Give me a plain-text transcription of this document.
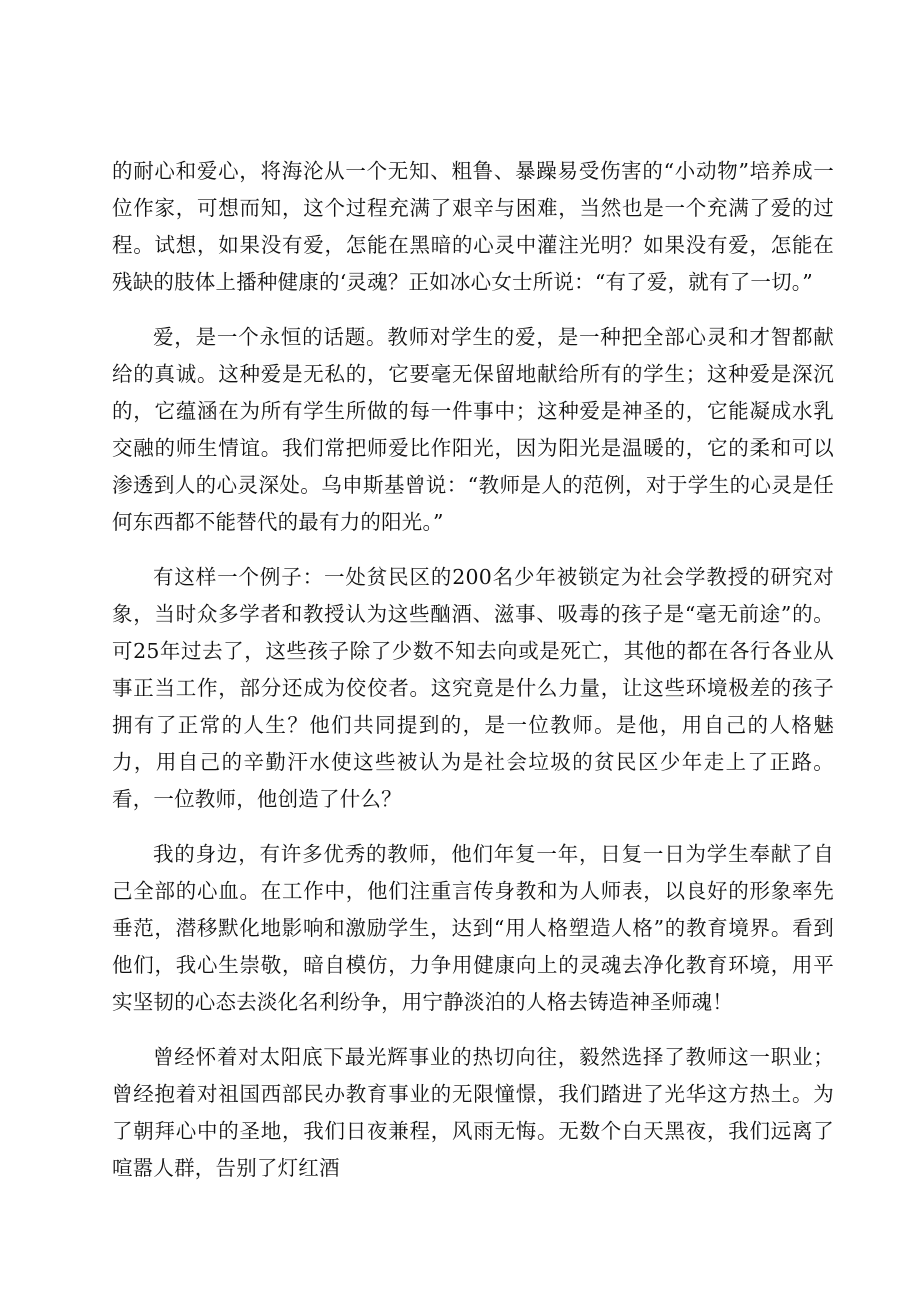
的耐心和爱心，将海沦从一个无知、粗鲁、暴躁易受伤害的“小动物”培养成一位作家，可想而知，这个过程充满了艰辛与困难，当然也是一个充满了爱的过程。试想，如果没有爱，怎能在黑暗的心灵中灌注光明？如果没有爱，怎能在残缺的肢体上播种健康的‘灵魂？正如冰心女士所说：“有了爱，就有了一切。”

爱，是一个永恒的话题。教师对学生的爱，是一种把全部心灵和才智都献给的真诚。这种爱是无私的，它要毫无保留地献给所有的学生；这种爱是深沉的，它蕴涵在为所有学生所做的每一件事中；这种爱是神圣的，它能凝成水乳交融的师生情谊。我们常把师爱比作阳光，因为阳光是温暖的，它的柔和可以渗透到人的心灵深处。乌申斯基曾说：“教师是人的范例，对于学生的心灵是任何东西都不能替代的最有力的阳光。”

有这样一个例子：一处贫民区的200名少年被锁定为社会学教授的研究对象，当时众多学者和教授认为这些酗酒、滋事、吸毒的孩子是“毫无前途”的。可25年过去了，这些孩子除了少数不知去向或是死亡，其他的都在各行各业从事正当工作，部分还成为佼佼者。这究竟是什么力量，让这些环境极差的孩子拥有了正常的人生？他们共同提到的，是一位教师。是他，用自己的人格魅力，用自己的辛勤汗水使这些被认为是社会垃圾的贫民区少年走上了正路。看，一位教师，他创造了什么？

我的身边，有许多优秀的教师，他们年复一年，日复一日为学生奉献了自己全部的心血。在工作中，他们注重言传身教和为人师表，以良好的形象率先垂范，潜移默化地影响和激励学生，达到“用人格塑造人格”的教育境界。看到他们，我心生崇敬，暗自模仿，力争用健康向上的灵魂去净化教育环境，用平实坚韧的心态去淡化名利纷争，用宁静淡泊的人格去铸造神圣师魂！

曾经怀着对太阳底下最光辉事业的热切向往，毅然选择了教师这一职业；曾经抱着对祖国西部民办教育事业的无限憧憬，我们踏进了光华这方热土。为了朝拜心中的圣地，我们日夜兼程，风雨无悔。无数个白天黑夜，我们远离了喧嚣人群，告别了灯红酒
